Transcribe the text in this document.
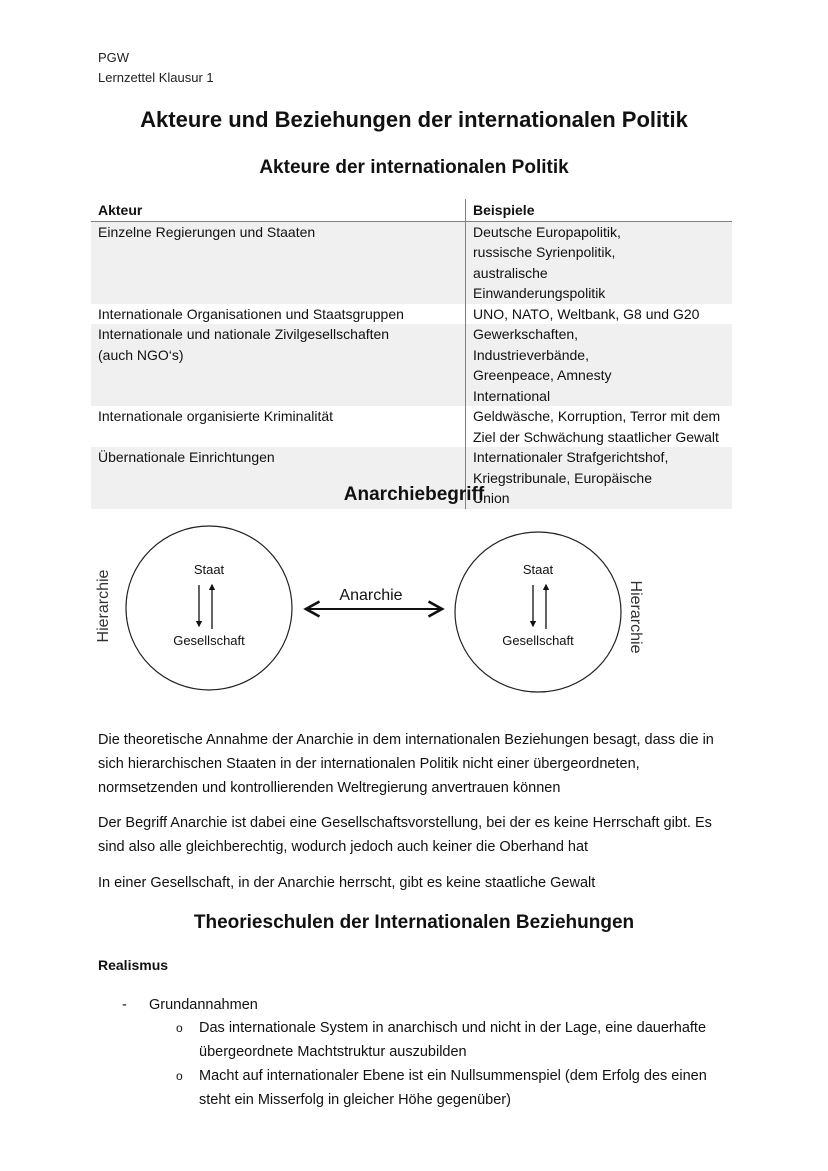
PGW
Lernzettel Klausur 1
Akteure und Beziehungen der internationalen Politik
Akteure der internationalen Politik
Akteur	Beispiele
Einzelne Regierungen und Staaten	Deutsche Europapolitik, russische Syrienpolitik, australische Einwanderungspolitik
Internationale Organisationen und Staatsgruppen	UNO, NATO, Weltbank, G8 und G20
Internationale und nationale Zivilgesellschaften (auch NGO‘s)	Gewerkschaften, Industrieverbände, Greenpeace, Amnesty International
Internationale organisierte Kriminalität	Geldwäsche, Korruption, Terror mit dem Ziel der Schwächung staatlicher Gewalt
Übernationale Einrichtungen	Internationaler Strafgerichtshof, Kriegstribunale, Europäische Union
Anarchiebegriff
Staat
Gesellschaft
Hierarchie	Anarchie
Staat
Gesellschaft	Hierarchie
Die theoretische Annahme der Anarchie in dem internationalen Beziehungen besagt, dass die in sich hierarchischen Staaten in der internationalen Politik nicht einer übergeordneten, normsetzenden und kontrollierenden Weltregierung anvertrauen können
Der Begriff Anarchie ist dabei eine Gesellschaftsvorstellung, bei der es keine Herrschaft gibt. Es sind also alle gleichberechtig, wodurch jedoch auch keiner die Oberhand hat
In einer Gesellschaft, in der Anarchie herrscht, gibt es keine staatliche Gewalt
Theorieschulen der Internationalen Beziehungen
Realismus
- Grundannahmen
o Das internationale System in anarchisch und nicht in der Lage, eine dauerhafte übergeordnete Machtstruktur auszubilden
o Macht auf internationaler Ebene ist ein Nullsummenspiel (dem Erfolg des einen steht ein Misserfolg in gleicher Höhe gegenüber)
